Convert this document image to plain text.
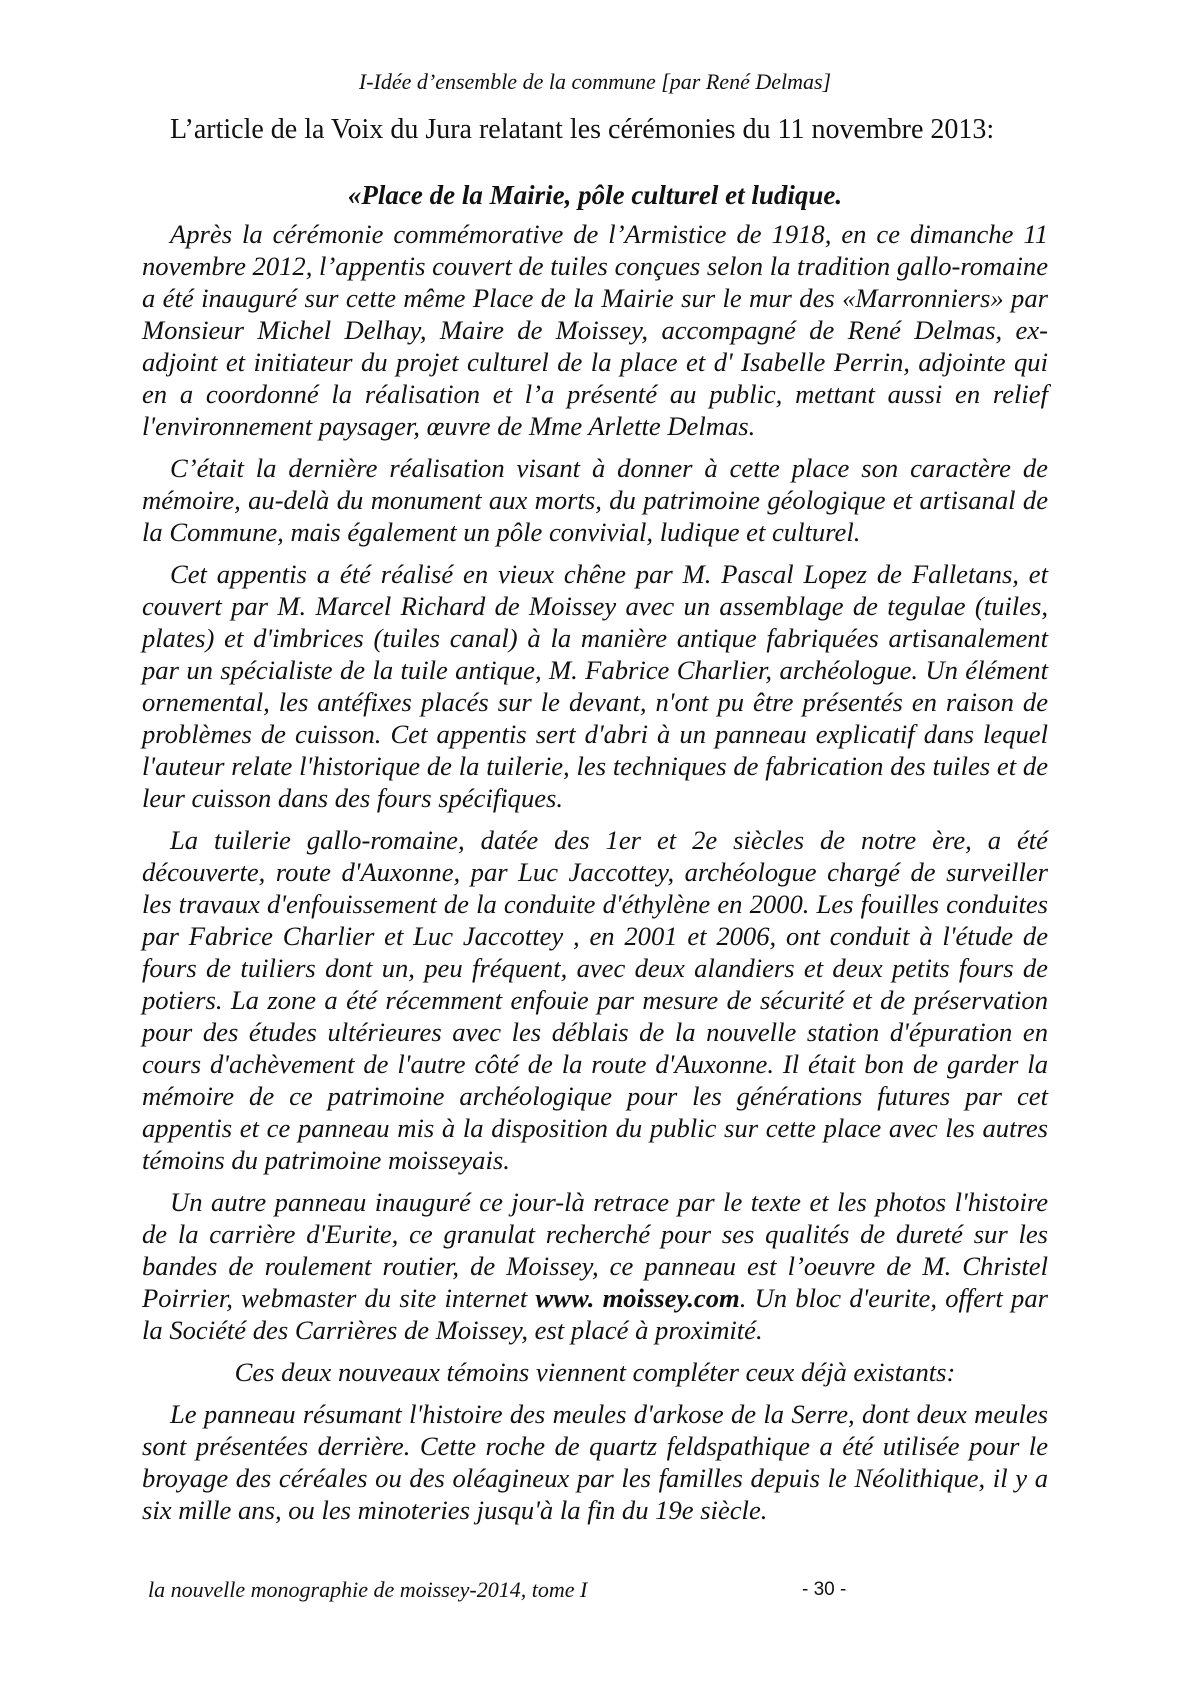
I-Idée d’ensemble de la commune [par René Delmas]
L’article de la Voix du Jura relatant les cérémonies du 11 novembre 2013:
«Place de la Mairie, pôle culturel et ludique.

Après la cérémonie commémorative de l’Armistice de 1918, en ce dimanche 11 novembre 2012, l’appentis couvert de tuiles conçues selon la tradition gallo-romaine a été inauguré sur cette même Place de la Mairie sur le mur des «Marronniers» par Monsieur Michel Delhay, Maire de Moissey, accompagné de René Delmas, ex-adjoint et initiateur du projet culturel de la place et d' Isabelle Perrin, adjointe qui en a coordonné la réalisation et l’a présenté au public, mettant aussi en relief l'environnement paysager, œuvre de Mme Arlette Delmas.

C’était la dernière réalisation visant à donner à cette place son caractère de mémoire, au-delà du monument aux morts, du patrimoine géologique et artisanal de la Commune, mais également un pôle convivial, ludique et culturel.

Cet appentis a été réalisé en vieux chêne par M. Pascal Lopez de Falletans, et couvert par M. Marcel Richard de Moissey avec un assemblage de tegulae (tuiles, plates) et d'imbrices (tuiles canal) à la manière antique fabriquées artisanalement par un spécialiste de la tuile antique, M. Fabrice Charlier, archéologue. Un élément ornemental, les antéfixes placés sur le devant, n'ont pu être présentés en raison de problèmes de cuisson. Cet appentis sert d'abri à un panneau explicatif dans lequel l'auteur relate l'historique de la tuilerie, les techniques de fabrication des tuiles et de leur cuisson dans des fours spécifiques.

La tuilerie gallo-romaine, datée des 1er et 2e siècles de notre ère, a été découverte, route d'Auxonne, par Luc Jaccottey, archéologue chargé de surveiller les travaux d'enfouissement de la conduite d'éthylène en 2000. Les fouilles conduites par Fabrice Charlier et Luc Jaccottey , en 2001 et 2006, ont conduit à l'étude de fours de tuiliers dont un, peu fréquent, avec deux alandiers et deux petits fours de potiers. La zone a été récemment enfouie par mesure de sécurité et de préservation pour des études ultérieures avec les déblais de la nouvelle station d'épuration en cours d'achèvement de l'autre côté de la route d'Auxonne. Il était bon de garder la mémoire de ce patrimoine archéologique pour les générations futures par cet appentis et ce panneau mis à la disposition du public sur cette place avec les autres témoins du patrimoine moisseyais.

Un autre panneau inauguré ce jour-là retrace par le texte et les photos l'histoire de la carrière d'Eurite, ce granulat recherché pour ses qualités de dureté sur les bandes de roulement routier, de Moissey, ce panneau est l’oeuvre de M. Christel Poirrier, webmaster du site internet www. moissey.com. Un bloc d'eurite, offert par la Société des Carrières de Moissey, est placé à proximité.

Ces deux nouveaux témoins viennent compléter ceux déjà existants:

Le panneau résumant l'histoire des meules d'arkose de la Serre, dont deux meules sont présentées derrière. Cette roche de quartz feldspathique a été utilisée pour le broyage des céréales ou des oléagineux par les familles depuis le Néolithique, il y a six mille ans, ou les minoteries jusqu'à la fin du 19e siècle.

la nouvelle monographie de moissey-2014, tome I	- 30 -
